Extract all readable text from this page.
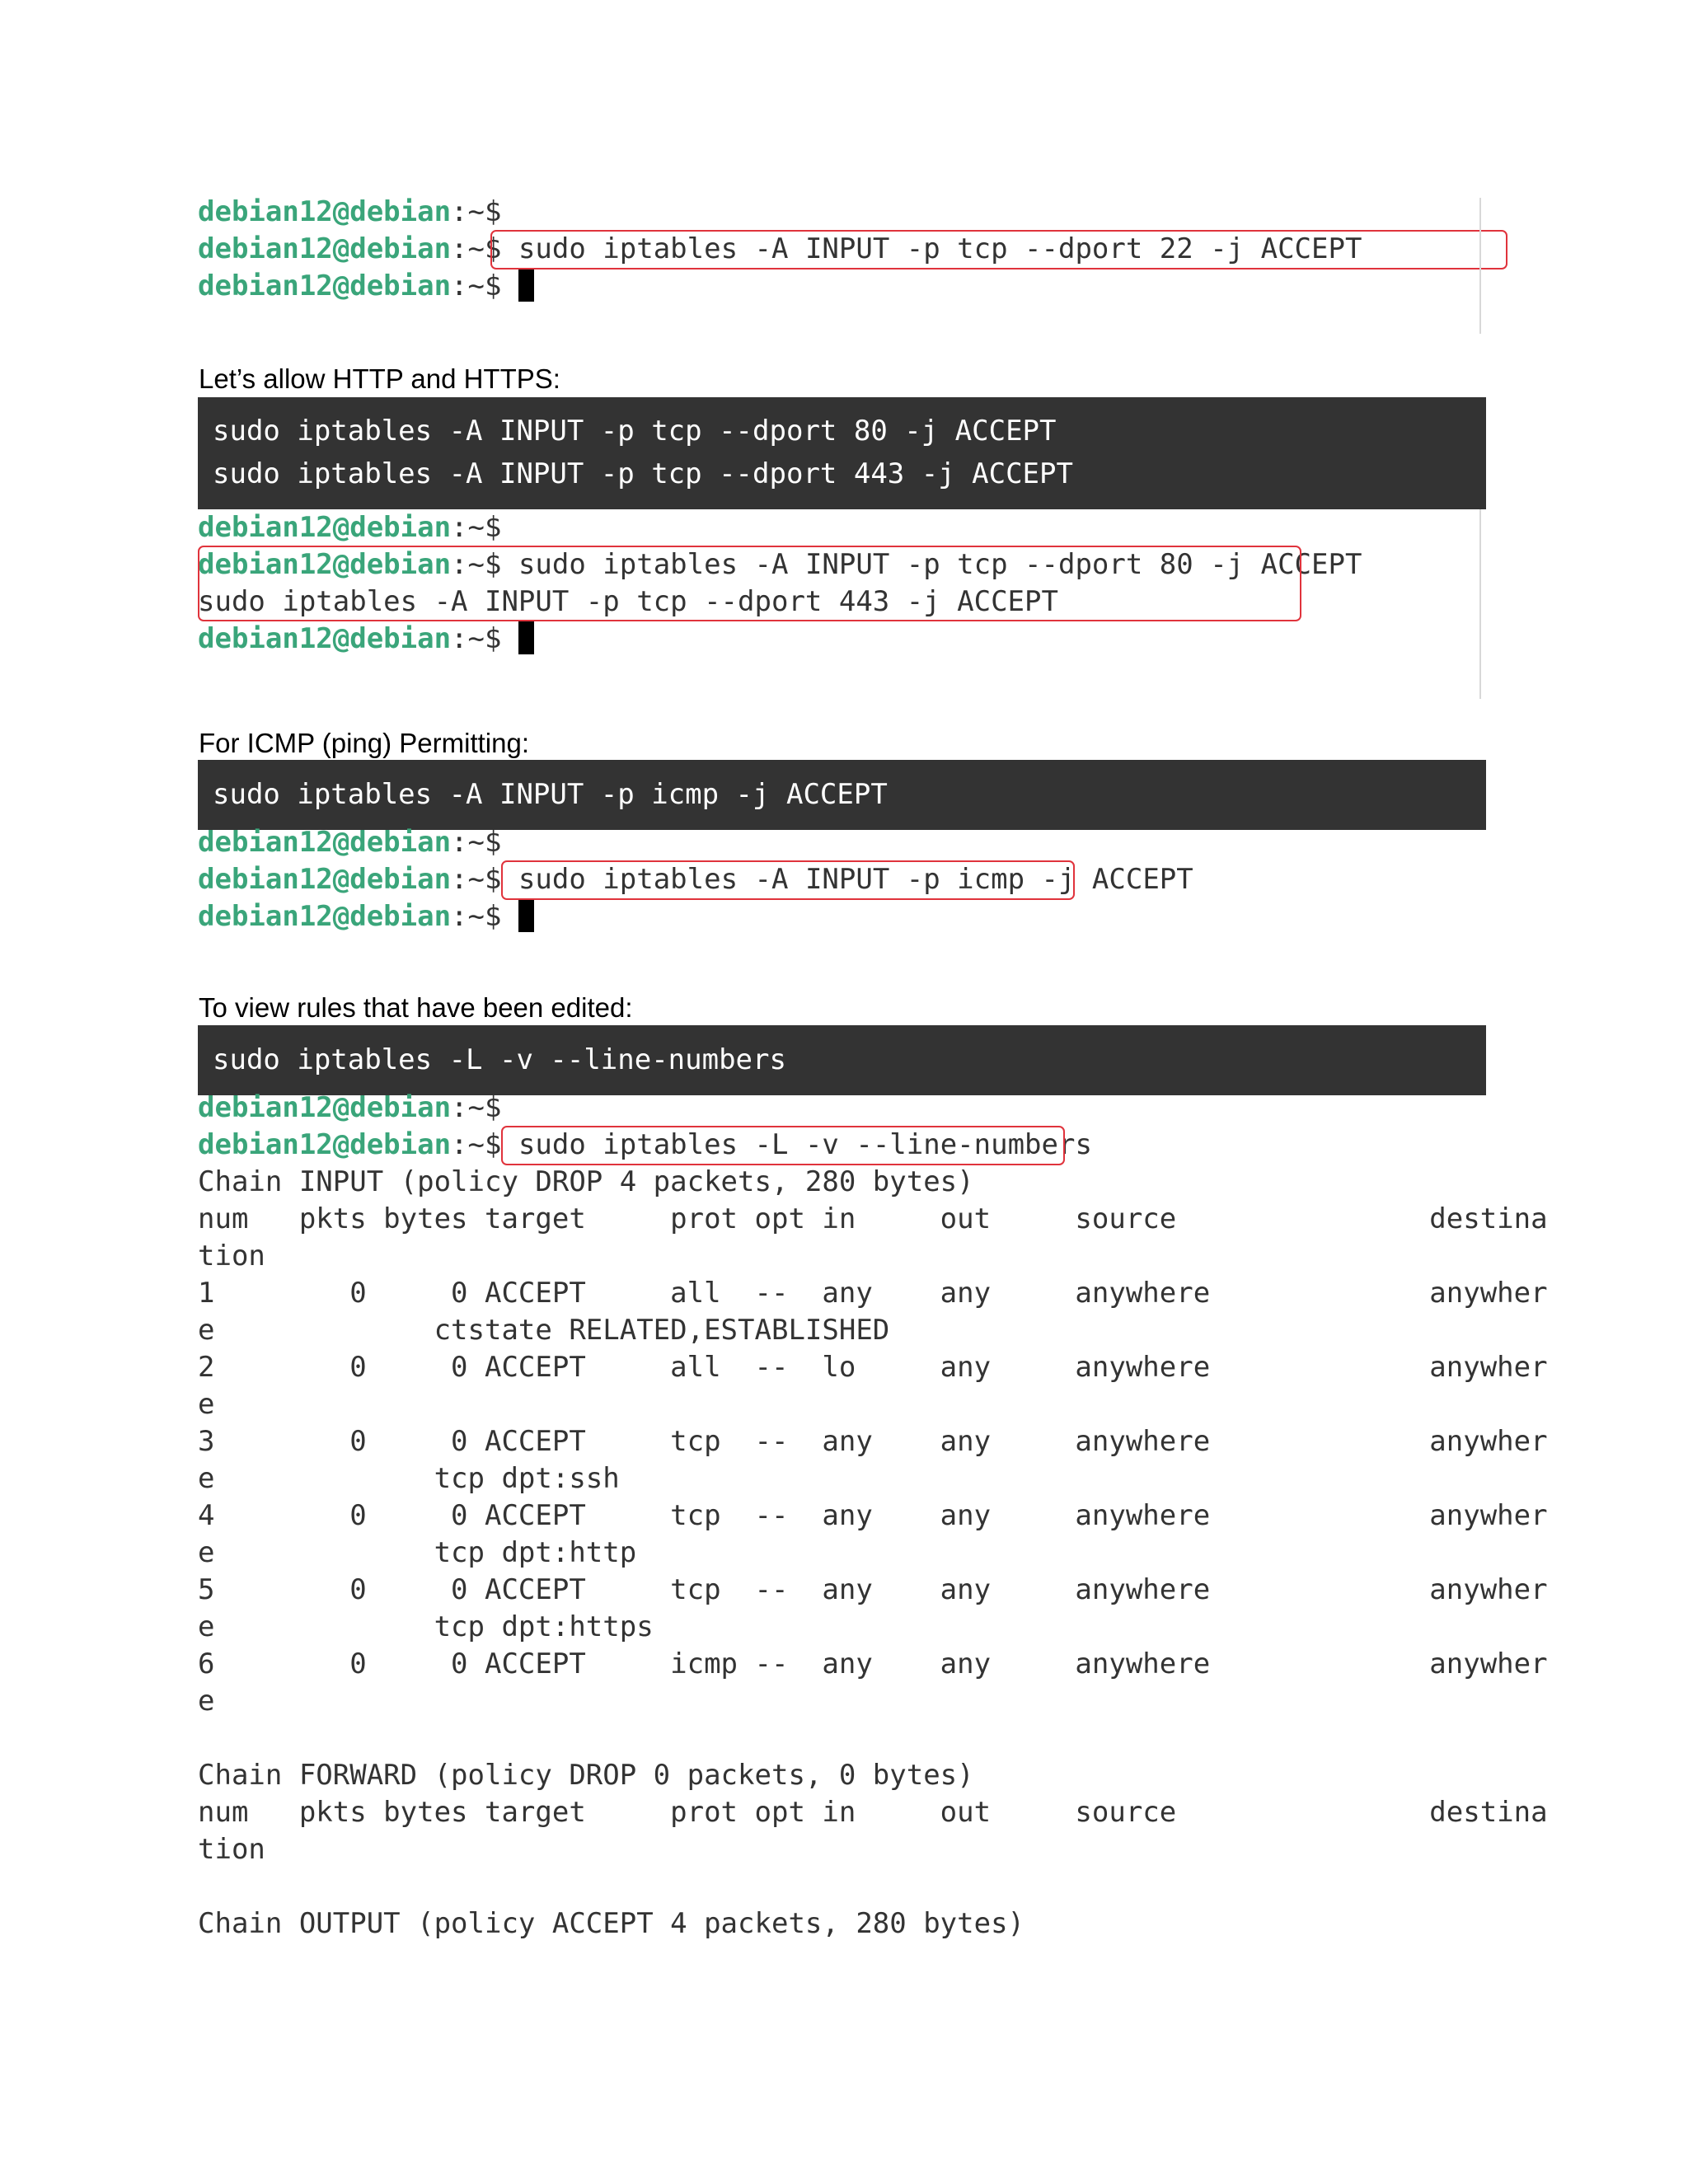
debian12@debian:~$
debian12@debian:~$ sudo iptables -A INPUT -p tcp --dport 22 -j ACCEPT
debian12@debian:~$
Let’s allow HTTP and HTTPS:
sudo iptables -A INPUT -p tcp --dport 80 -j ACCEPT
sudo iptables -A INPUT -p tcp --dport 443 -j ACCEPT
debian12@debian:~$
debian12@debian:~$ sudo iptables -A INPUT -p tcp --dport 80 -j ACCEPT
sudo iptables -A INPUT -p tcp --dport 443 -j ACCEPT
debian12@debian:~$
For ICMP (ping) Permitting:
sudo iptables -A INPUT -p icmp -j ACCEPT
debian12@debian:~$
debian12@debian:~$ sudo iptables -A INPUT -p icmp -j ACCEPT
debian12@debian:~$
To view rules that have been edited:
sudo iptables -L -v --line-numbers
debian12@debian:~$
debian12@debian:~$ sudo iptables -L -v --line-numbers
Chain INPUT (policy DROP 4 packets, 280 bytes)
num   pkts bytes target     prot opt in     out     source               destina
tion
1        0     0 ACCEPT     all  --  any    any     anywhere             anywher
e             ctstate RELATED,ESTABLISHED
2        0     0 ACCEPT     all  --  lo     any     anywhere             anywher
e
3        0     0 ACCEPT     tcp  --  any    any     anywhere             anywher
e             tcp dpt:ssh
4        0     0 ACCEPT     tcp  --  any    any     anywhere             anywher
e             tcp dpt:http
5        0     0 ACCEPT     tcp  --  any    any     anywhere             anywher
e             tcp dpt:https
6        0     0 ACCEPT     icmp --  any    any     anywhere             anywher
e
Chain FORWARD (policy DROP 0 packets, 0 bytes)
num   pkts bytes target     prot opt in     out     source               destina
tion
Chain OUTPUT (policy ACCEPT 4 packets, 280 bytes)
